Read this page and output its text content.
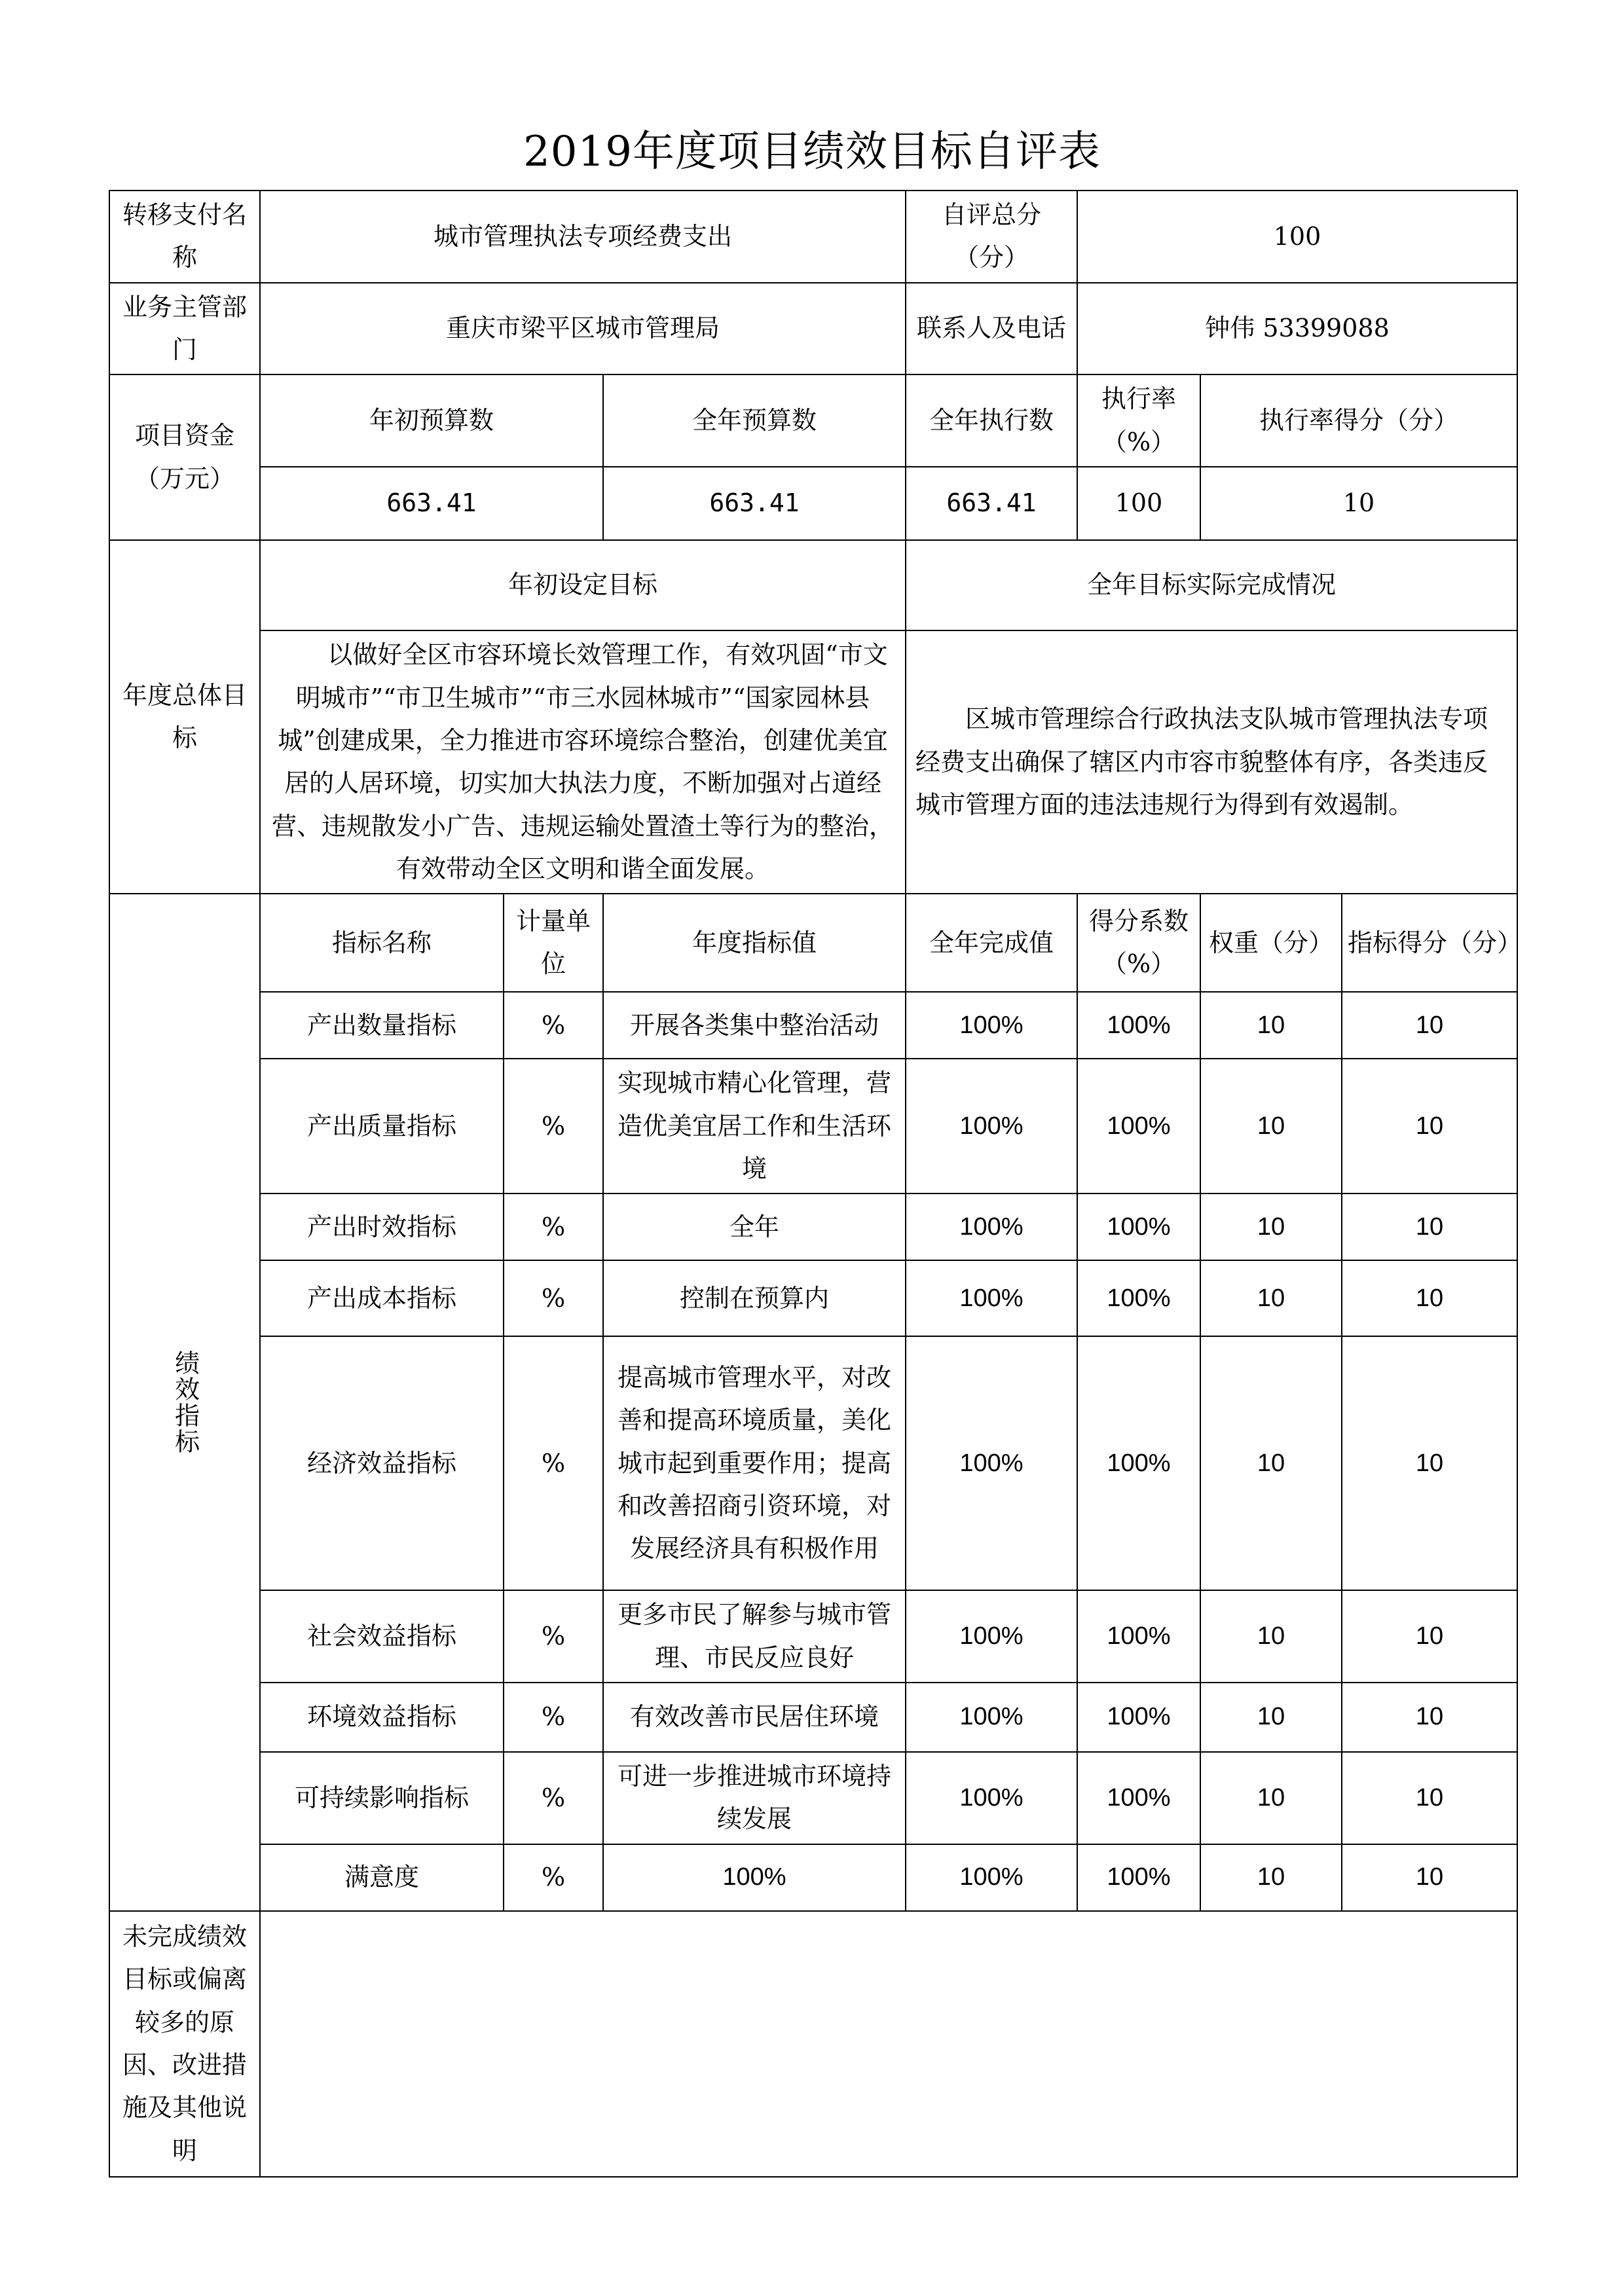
2019年度项目绩效目标自评表
转移支付名称	城市管理执法专项经费支出			自评总分（分）	100		
业务主管部门	重庆市梁平区城市管理局			联系人及电话	钟伟 53399088		
项目资金（万元）	年初预算数		全年预算数	全年执行数	执行率（%）	执行率得分（分）	
	663.41		663.41	663.41	100	10	
年度总体目标	年初设定目标			全年目标实际完成情况			
	以做好全区市容环境长效管理工作，有效巩固“市文明城市”“市卫生城市”“市三水园林城市”“国家园林县城”创建成果，全力推进市容环境综合整治，创建优美宜居的人居环境，切实加大执法力度，不断加强对占道经营、违规散发小广告、违规运输处置渣土等行为的整治，有效带动全区文明和谐全面发展。			区城市管理综合行政执法支队城市管理执法专项经费支出确保了辖区内市容市貌整体有序，各类违反城市管理方面的违法违规行为得到有效遏制。			

绩效指标	指标名称	计量单位	年度指标值	全年完成值	得分系数（%）	权重（分）	指标得分（分）
	产出数量指标	%	开展各类集中整治活动	100%	100%	10	10
	产出质量指标	%	实现城市精心化管理，营造优美宜居工作和生活环境	100%	100%	10	10
	产出时效指标	%	全年	100%	100%	10	10
	产出成本指标	%	控制在预算内	100%	100%	10	10
	经济效益指标	%	提高城市管理水平，对改善和提高环境质量，美化城市起到重要作用；提高和改善招商引资环境，对发展经济具有积极作用	100%	100%	10	10
	社会效益指标	%	更多市民了解参与城市管理、市民反应良好	100%	100%	10	10
	环境效益指标	%	有效改善市民居住环境	100%	100%	10	10
	可持续影响指标	%	可进一步推进城市环境持续发展	100%	100%	10	10
	满意度	%	100%	100%	100%	10	10
未完成绩效目标或偏离较多的原因、改进措施及其他说明							
